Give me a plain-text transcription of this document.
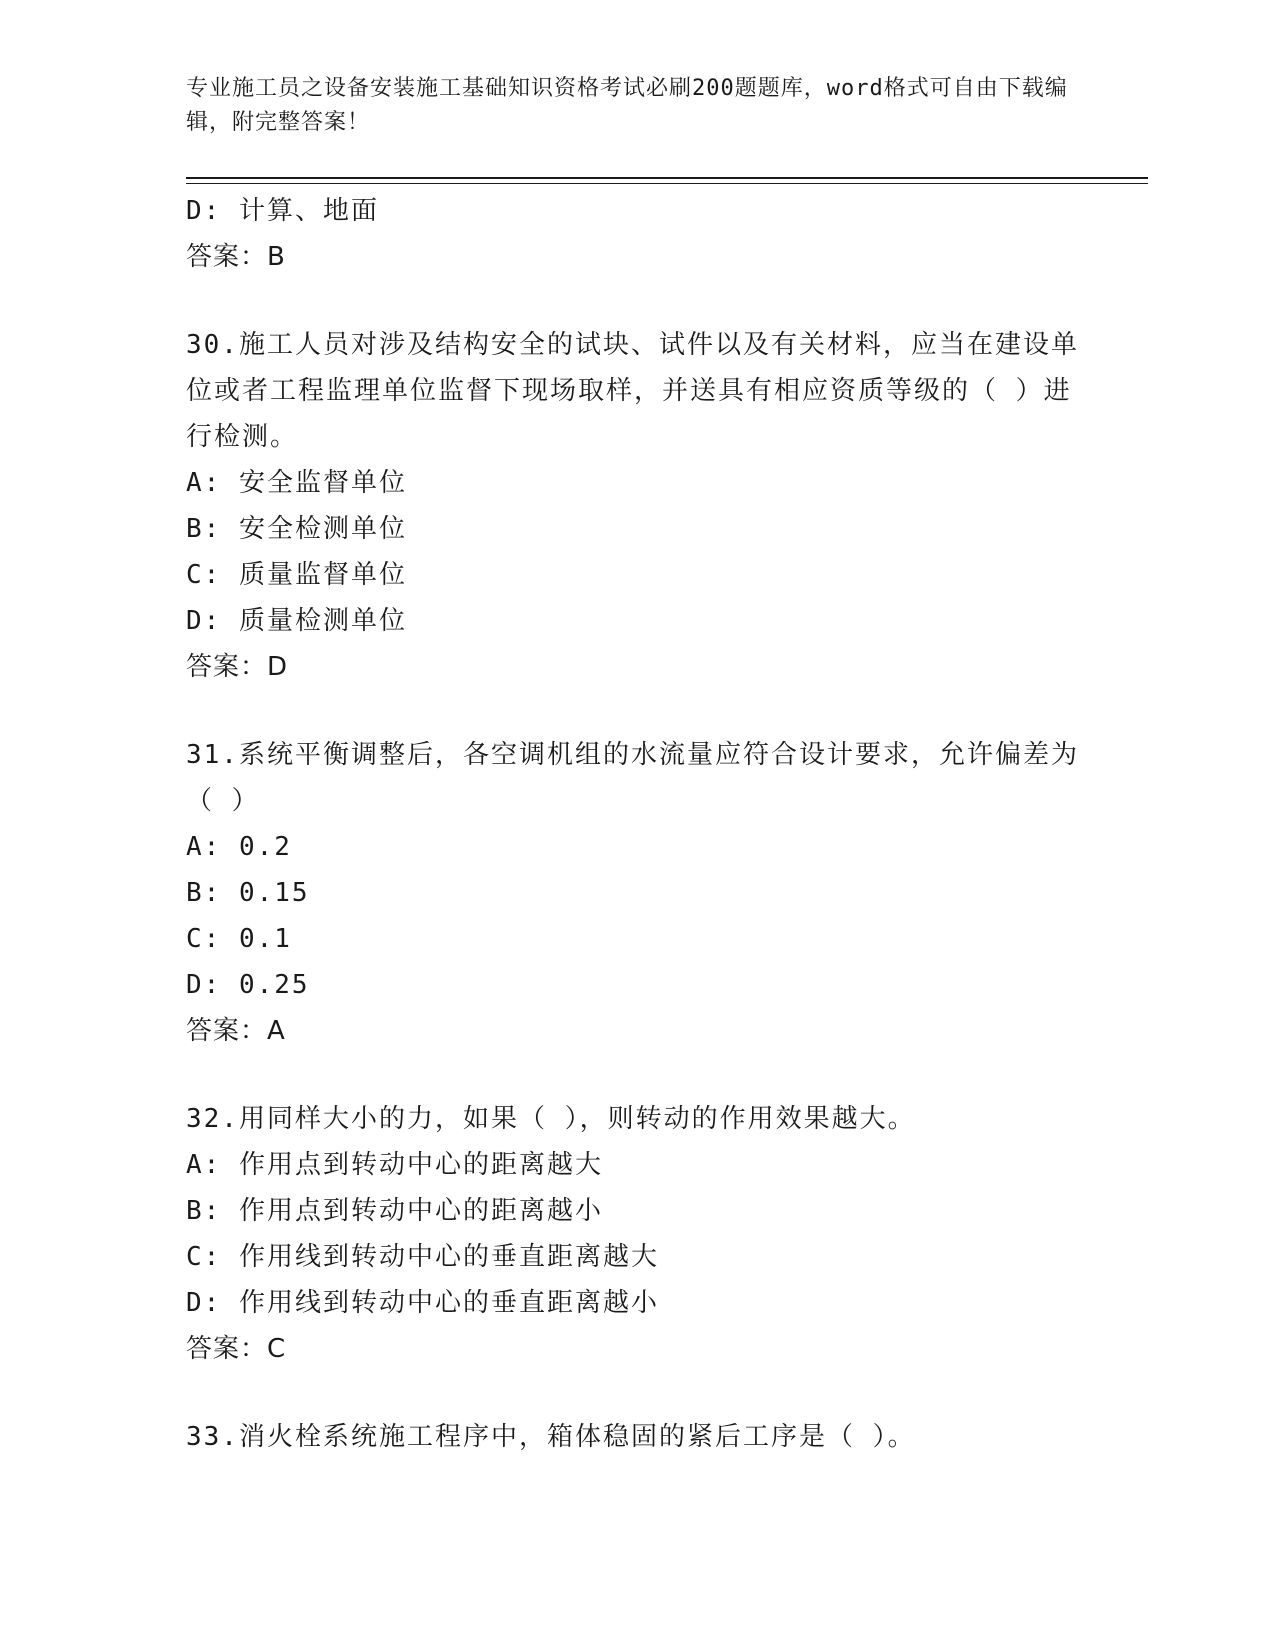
专业施工员之设备安装施工基础知识资格考试必刷200题题库，word格式可自由下载编辑，附完整答案！

D: 计算、地面

答案：B

30.施工人员对涉及结构安全的试块、试件以及有关材料，应当在建设单位或者工程监理单位监督下现场取样，并送具有相应资质等级的（ ）进行检测。

A: 安全监督单位

B: 安全检测单位

C: 质量监督单位

D: 质量检测单位

答案：D

31.系统平衡调整后，各空调机组的水流量应符合设计要求，允许偏差为（ ）

A: 0.2

B: 0.15

C: 0.1

D: 0.25

答案：A

32.用同样大小的力，如果（ ），则转动的作用效果越大。

A: 作用点到转动中心的距离越大

B: 作用点到转动中心的距离越小

C: 作用线到转动中心的垂直距离越大

D: 作用线到转动中心的垂直距离越小

答案：C

33.消火栓系统施工程序中，箱体稳固的紧后工序是（ ）。
